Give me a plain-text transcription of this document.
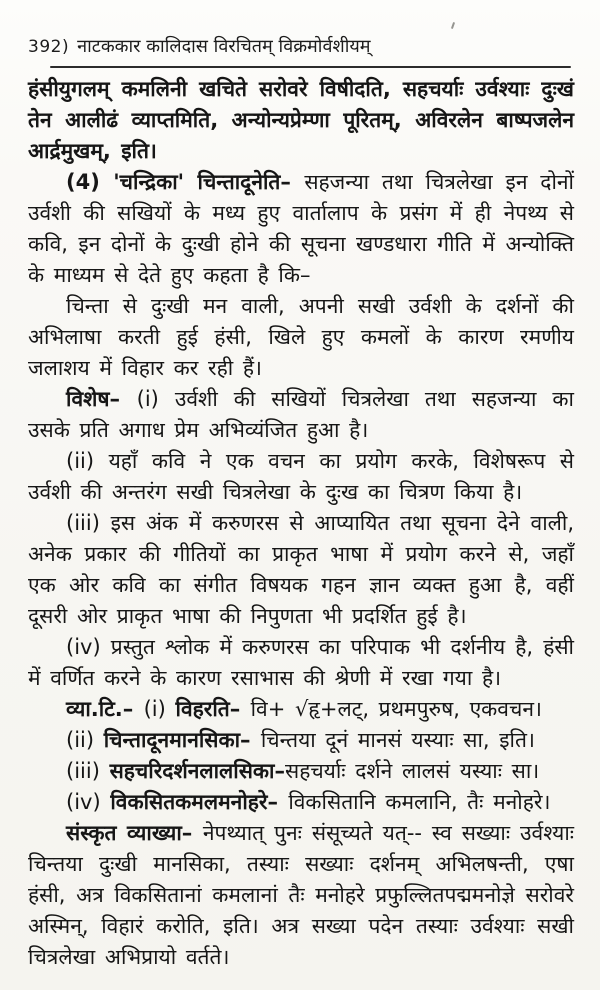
392) नाटककार कालिदास विरचितम् विक्रमोर्वशीयम्

हंसीयुगलम् कमलिनी खचिते सरोवरे विषीदति, सहचर्याः उर्वश्याः दुःखं तेन आलीढं व्याप्तमिति, अन्योन्यप्रेम्णा पूरितम्, अविरलेन बाष्पजलेन आर्द्रमुखम्, इति।

(4) 'चन्द्रिका' चिन्तादूनेति– सहजन्या तथा चित्रलेखा इन दोनों उर्वशी की सखियों के मध्य हुए वार्तालाप के प्रसंग में ही नेपथ्य से कवि, इन दोनों के दुःखी होने की सूचना खण्डधारा गीति में अन्योक्ति के माध्यम से देते हुए कहता है कि–

चिन्ता से दुःखी मन वाली, अपनी सखी उर्वशी के दर्शनों की अभिलाषा करती हुई हंसी, खिले हुए कमलों के कारण रमणीय जलाशय में विहार कर रही हैं।

विशेष– (i) उर्वशी की सखियों चित्रलेखा तथा सहजन्या का उसके प्रति अगाध प्रेम अभिव्यंजित हुआ है।

(ii) यहाँ कवि ने एक वचन का प्रयोग करके, विशेषरूप से उर्वशी की अन्तरंग सखी चित्रलेखा के दुःख का चित्रण किया है।

(iii) इस अंक में करुणरस से आप्यायित तथा सूचना देने वाली, अनेक प्रकार की गीतियों का प्राकृत भाषा में प्रयोग करने से, जहाँ एक ओर कवि का संगीत विषयक गहन ज्ञान व्यक्त हुआ है, वहीं दूसरी ओर प्राकृत भाषा की निपुणता भी प्रदर्शित हुई है।

(iv) प्रस्तुत श्लोक में करुणरस का परिपाक भी दर्शनीय है, हंसी में वर्णित करने के कारण रसाभास की श्रेणी में रखा गया है।

व्या.टि.– (i) विहरति– वि+ √हृ+लट्, प्रथमपुरुष, एकवचन।

(ii) चिन्तादूनमानसिका– चिन्तया दूनं मानसं यस्याः सा, इति।

(iii) सहचरिदर्शनलालसिका–सहचर्याः दर्शने लालसं यस्याः सा।

(iv) विकसितकमलमनोहरे– विकसितानि कमलानि, तैः मनोहरे।

संस्कृत व्याख्या– नेपथ्यात् पुनः संसूच्यते यत्-- स्व सख्याः उर्वश्याः चिन्तया दुःखी मानसिका, तस्याः सख्याः दर्शनम् अभिलषन्ती, एषा हंसी, अत्र विकसितानां कमलानां तैः मनोहरे प्रफुल्लितपद्ममनोज्ञे सरोवरे अस्मिन्, विहारं करोति, इति। अत्र सख्या पदेन तस्याः उर्वश्याः सखी चित्रलेखा अभिप्रायो वर्तते।
